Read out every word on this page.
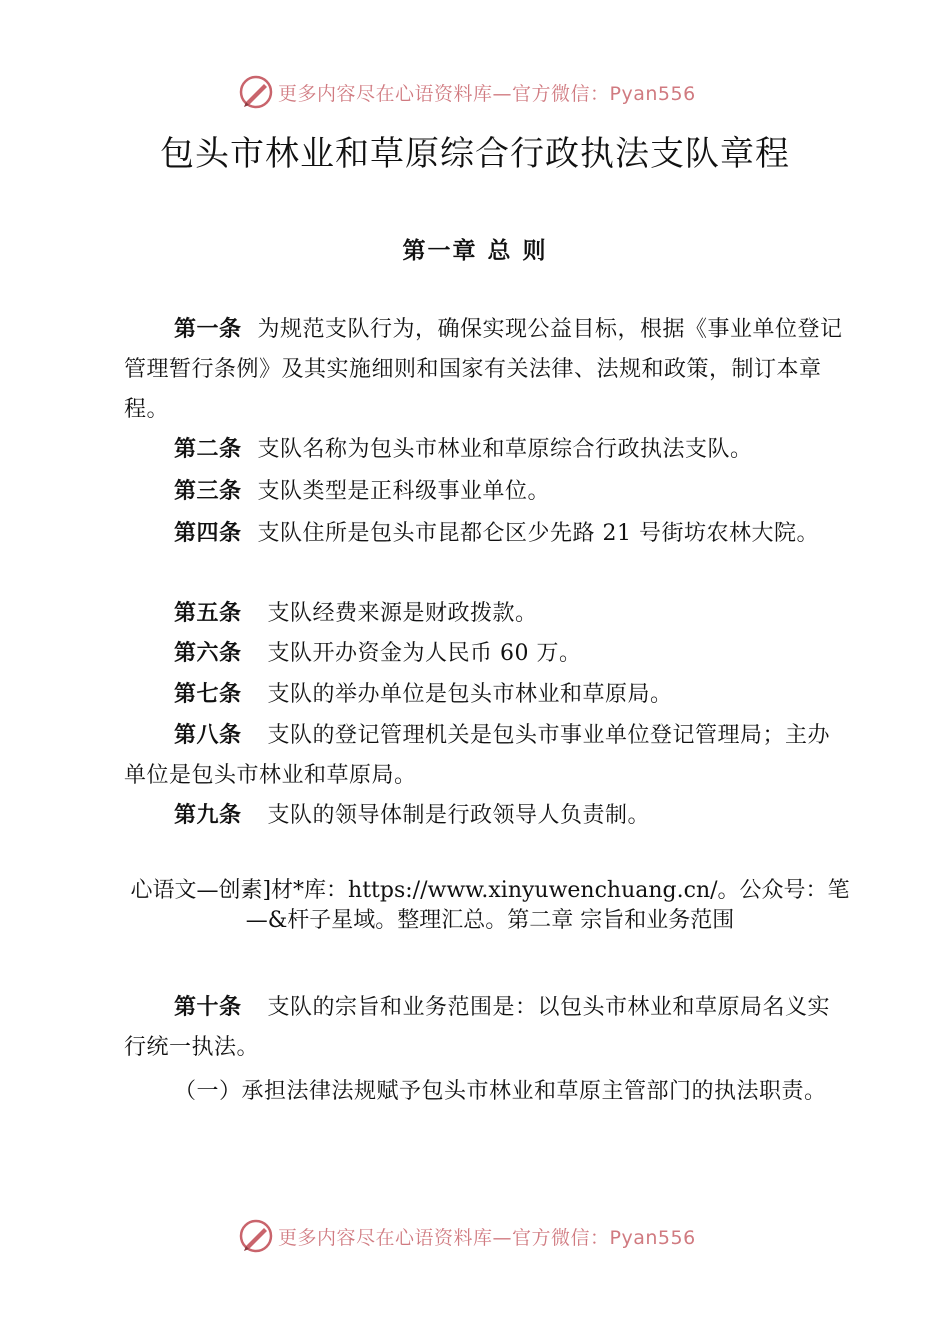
更多内容尽在心语资料库—官方微信：Pyan556
包头市林业和草原综合行政执法支队章程
第一章 总 则

第一条 为规范支队行为，确保实现公益目标，根据《事业单位登记管理暂行条例》及其实施细则和国家有关法律、法规和政策，制订本章程。

第二条 支队名称为包头市林业和草原综合行政执法支队。

第三条 支队类型是正科级事业单位。

第四条 支队住所是包头市昆都仑区少先路 21 号街坊农林大院。

第五条 支队经费来源是财政拨款。

第六条 支队开办资金为人民币 60 万。

第七条 支队的举办单位是包头市林业和草原局。

第八条 支队的登记管理机关是包头市事业单位登记管理局；主办单位是包头市林业和草原局。

第九条 支队的领导体制是行政领导人负责制。

心语文—创素]材*库：https://www.xinyuwenchuang.cn/。公众号：笔—&杆子星域。整理汇总。第二章 宗旨和业务范围

第十条 支队的宗旨和业务范围是：以包头市林业和草原局名义实行统一执法。

（一）承担法律法规赋予包头市林业和草原主管部门的执法职责。

更多内容尽在心语资料库—官方微信：Pyan556
